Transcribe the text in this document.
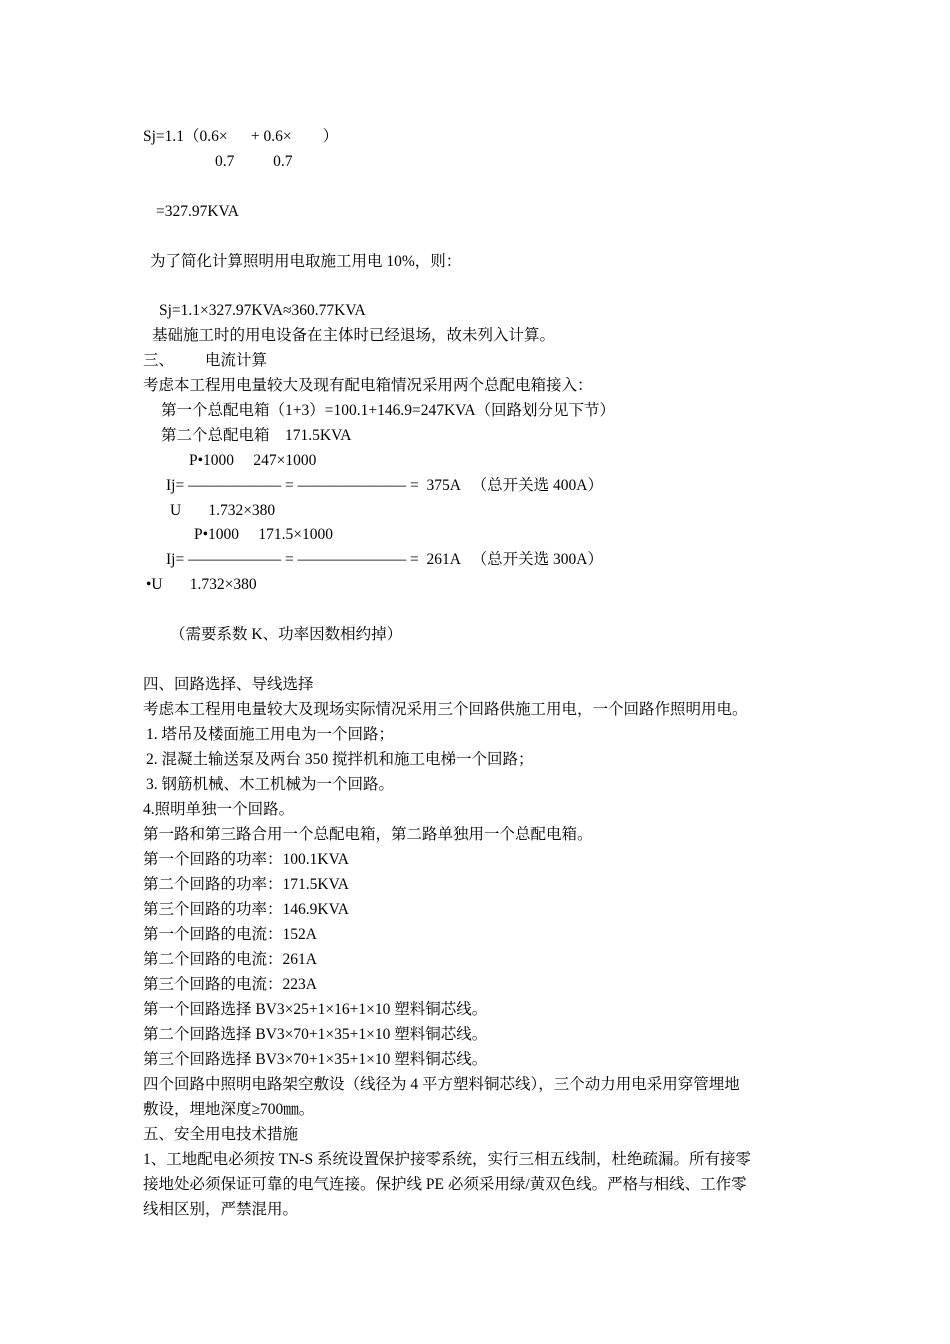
Sj=1.1（0.6×      + 0.6×        ）
0.7          0.7
=327.97KVA
为了简化计算照明用电取施工用电 10%，则：
Sj=1.1×327.97KVA≈360.77KVA
基础施工时的用电设备在主体时已经退场，故未列入计算。
三、        电流计算
考虑本工程用电量较大及现有配电箱情况采用两个总配电箱接入：
第一个总配电箱（1+3）=100.1+146.9=247KVA（回路划分见下节）
第二个总配电箱    171.5KVA
P•1000     247×1000
Ij= —————— = ——————— =  375A   （总开关选 400A）
U       1.732×380
P•1000     171.5×1000
Ij= —————— = ——————— =  261A   （总开关选 300A）
•U       1.732×380
（需要系数 K、功率因数相约掉）
四、回路选择、导线选择
考虑本工程用电量较大及现场实际情况采用三个回路供施工用电，一个回路作照明用电。
1. 塔吊及楼面施工用电为一个回路；
2. 混凝土输送泵及两台 350 搅拌机和施工电梯一个回路；
3. 钢筋机械、木工机械为一个回路。
4.照明单独一个回路。
第一路和第三路合用一个总配电箱，第二路单独用一个总配电箱。
第一个回路的功率：100.1KVA
第二个回路的功率：171.5KVA
第三个回路的功率：146.9KVA
第一个回路的电流：152A
第二个回路的电流：261A
第三个回路的电流：223A
第一个回路选择 BV3×25+1×16+1×10 塑料铜芯线。
第二个回路选择 BV3×70+1×35+1×10 塑料铜芯线。
第三个回路选择 BV3×70+1×35+1×10 塑料铜芯线。
四个回路中照明电路架空敷设（线径为 4 平方塑料铜芯线），三个动力用电采用穿管埋地
敷设，埋地深度≥700㎜。
五、安全用电技术措施
1、工地配电必须按 TN-S 系统设置保护接零系统，实行三相五线制，杜绝疏漏。所有接零
接地处必须保证可靠的电气连接。保护线 PE 必须采用绿/黄双色线。严格与相线、工作零
线相区别，严禁混用。
